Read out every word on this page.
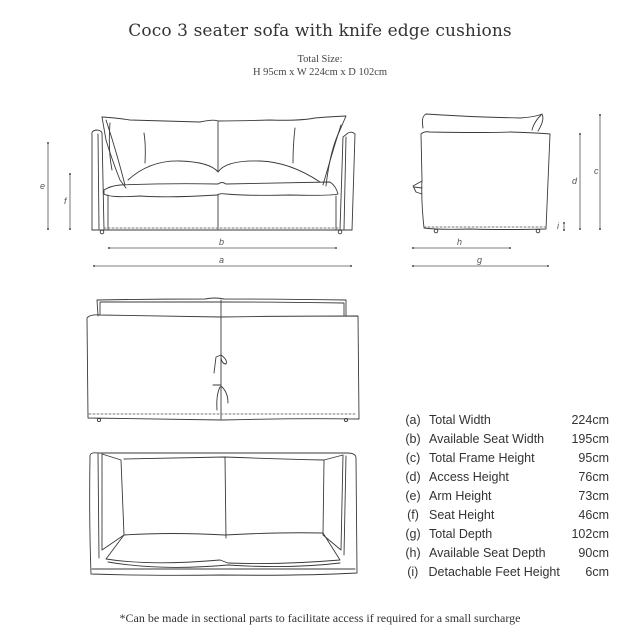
Coco 3 seater sofa with knife edge cushions
Total Size:
H 95cm x W 224cm x D 102cm
e
f
b
a
d
c
i
h
g
(a) Total Width	224cm
(b) Available Seat Width	195cm
(c) Total Frame Height	95cm
(d) Access Height	76cm
(e) Arm Height	73cm
(f) Seat Height	46cm
(g) Total Depth	102cm
(h) Available Seat Depth	90cm
(i) Detachable Feet Height	6cm
*Can be made in sectional parts to facilitate access if required for a small surcharge
